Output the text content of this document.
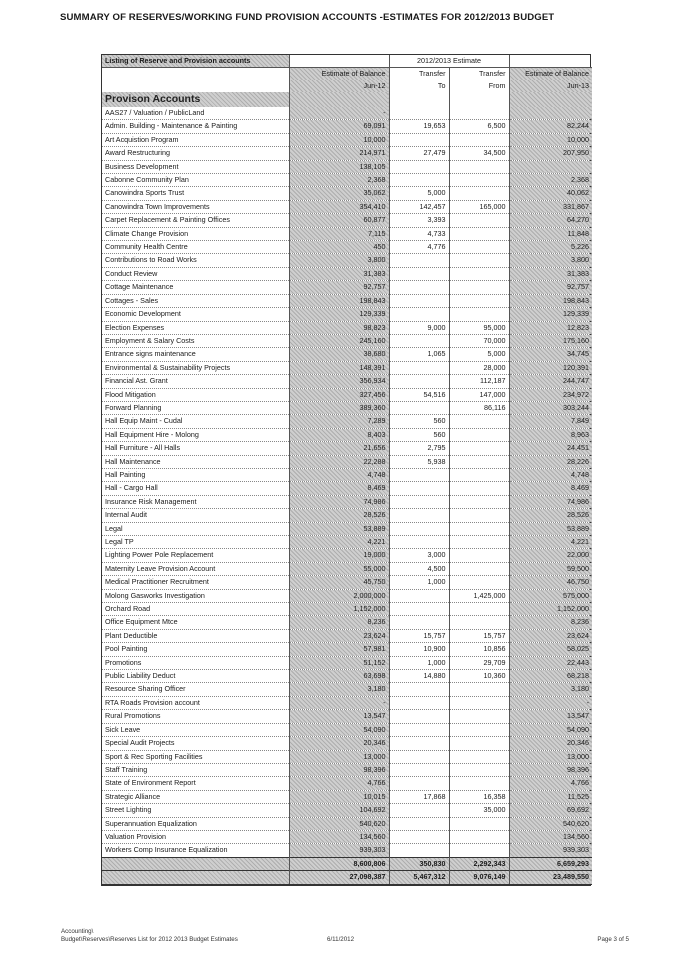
SUMMARY OF RESERVES/WORKING FUND PROVISION ACCOUNTS -ESTIMATES FOR 2012/2013 BUDGET
Listing of Reserve and Provision accounts		2012/2013 Estimate		
	Estimate of Balance	Transfer	Transfer	Estimate of Balance
	Jun-12	To	From	Jun-13
Provison Accounts				
AAS27 / Valuation / PublicLand	-			
Admin. Building - Maintenance & Painting	69,091	19,653	6,500	82,244
Art Acquistion Program	10,000			10,000
Award Restructuring	214,971	27,479	34,500	207,950
Business Development	138,105			
Cabonne Community Plan	2,368			2,368
Canowindra Sports Trust	35,062	5,000		40,062
Canowindra Town Improvements	354,410	142,457	165,000	331,867
Carpet Replacement & Painting Offices	60,877	3,393		64,270
Climate Change Provision	7,115	4,733		11,848
Community Health Centre	450	4,776		5,226
Contributions to Road Works	3,800			3,800
Conduct Review	31,383			31,383
Cottage Maintenance	92,757			92,757
Cottages - Sales	198,843			198,843
Economic Development	129,339			129,339
Election Expenses	98,823	9,000	95,000	12,823
Employment & Salary Costs	245,160		70,000	175,160
Entrance signs maintenance	38,680	1,065	5,000	34,745
Environmental & Sustainability Projects	148,391		28,000	120,391
Financial Ast. Grant	356,934		112,187	244,747
Flood Mitigation	327,456	54,516	147,000	234,972
Forward Planning	389,360		86,116	303,244
Hall Equip Maint - Cudal	7,289	560		7,849
Hall Equipment Hire - Molong	8,403	560		8,963
Hall Furniture - All Halls	21,656	2,795		24,451
Hall Maintenance	22,288	5,938		28,226
Hall Painting	4,748			4,748
Hall - Cargo Hall	8,469			8,469
Insurance Risk Management	74,986			74,986
Internal Audit	28,526			28,526
Legal	53,889			53,889
Legal TP	4,221			4,221
Lighting Power Pole Replacement	19,000	3,000		22,000
Maternity Leave Provision Account	55,000	4,500		59,500
Medical Practitioner Recruitment	45,750	1,000		46,750
Molong Gasworks Investigation	2,000,000		1,425,000	575,000
Orchard Road	1,152,000			1,152,000
Office Equipment Mtce	8,236			8,236
Plant Deductible	23,624	15,757	15,757	23,624
Pool Painting	57,981	10,900	10,856	58,025
Promotions	51,152	1,000	29,709	22,443
Public Liability Deduct	63,698	14,880	10,360	68,218
Resource Sharing Officer	3,180			3,180
RTA Roads Provision account	-			-
Rural Promotions	13,547			13,547
Sick Leave	54,090			54,090
Special Audit Projects	20,346			20,346
Sport & Rec Sporting Facilities	13,000			13,000
Staff Training	98,396			98,396
State of Environment Report	4,766			4,766
Strategic Alliance	10,015	17,868	16,358	11,525
Street Lighting	104,692		35,000	69,692
Superannuation Equalization	540,620			540,620
Valuation Provision	134,560			134,560
Workers Comp Insurance Equalization	939,303			939,303
	8,600,806	350,830	2,292,343	6,659,293
	27,098,387	5,467,312	9,076,149	23,489,550
Accounting\
Budget\Reserves\Reserves List for 2012 2013 Budget Estimates	6/11/2012	Page 3 of 5
